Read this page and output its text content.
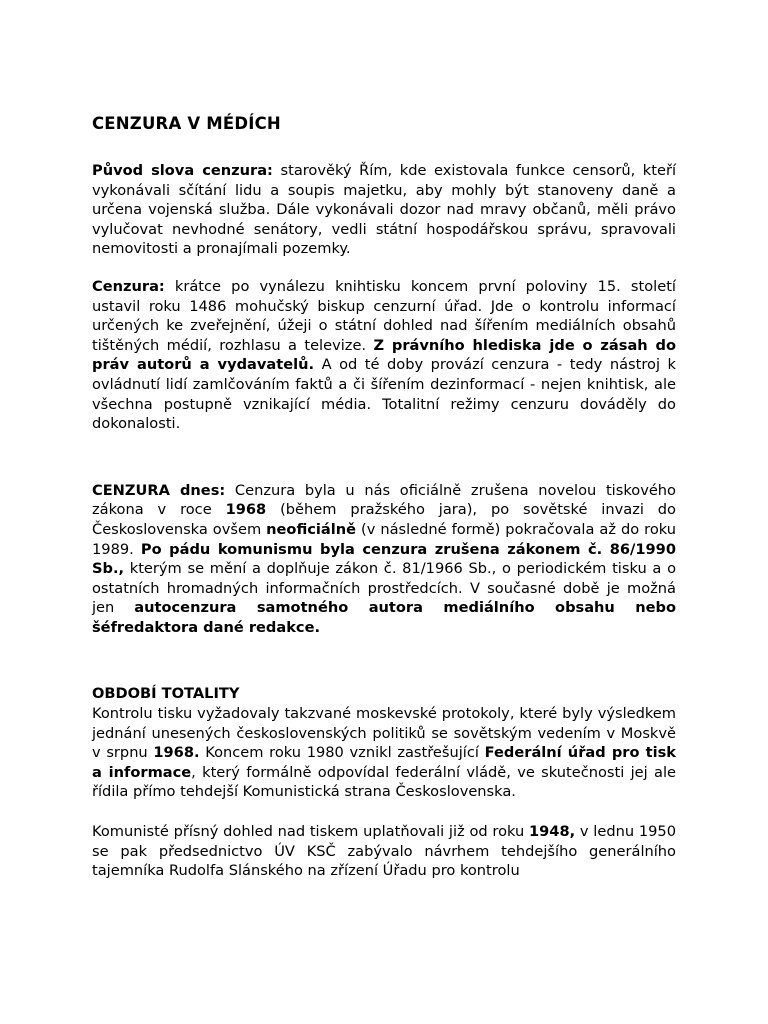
CENZURA V MÉDÍCH

Původ slova cenzura: starověký Řím, kde existovala funkce censorů, kteří vykonávali sčítání lidu a soupis majetku, aby mohly být stanoveny daně a určena vojenská služba. Dále vykonávali dozor nad mravy občanů, měli právo vylučovat nevhodné senátory, vedli státní hospodářskou správu, spravovali nemovitosti a pronajímali pozemky.

Cenzura: krátce po vynálezu knihtisku koncem první poloviny 15. století ustavil roku 1486 mohučský biskup cenzurní úřad. Jde o kontrolu informací určených ke zveřejnění, úžeji o státní dohled nad šířením mediálních obsahů tištěných médií, rozhlasu a televize. Z právního hlediska jde o zásah do práv autorů a vydavatelů. A od té doby provází cenzura - tedy nástroj k ovládnutí lidí zamlčováním faktů a či šířením dezinformací - nejen knihtisk, ale všechna postupně vznikající média. Totalitní režimy cenzuru dováděly do dokonalosti.

CENZURA dnes: Cenzura byla u nás oficiálně zrušena novelou tiskového zákona v roce 1968 (během pražského jara), po sovětské invazi do Československa ovšem neoficiálně (v následné formě) pokračovala až do roku 1989. Po pádu komunismu byla cenzura zrušena zákonem č. 86/1990 Sb., kterým se mění a doplňuje zákon č. 81/1966 Sb., o periodickém tisku a o ostatních hromadných informačních prostředcích. V současné době je možná jen autocenzura samotného autora mediálního obsahu nebo šéfredaktora dané redakce.

OBDOBÍ TOTALITY

Kontrolu tisku vyžadovaly takzvané moskevské protokoly, které byly výsledkem jednání unesených československých politiků se sovětským vedením v Moskvě v srpnu 1968. Koncem roku 1980 vznikl zastřešující Federální úřad pro tisk a informace, který formálně odpovídal federální vládě, ve skutečnosti jej ale řídila přímo tehdejší Komunistická strana Československa.

Komunisté přísný dohled nad tiskem uplatňovali již od roku 1948, v lednu 1950 se pak předsednictvo ÚV KSČ zabývalo návrhem tehdejšího generálního tajemníka Rudolfa Slánského na zřízení Úřadu pro kontrolu
